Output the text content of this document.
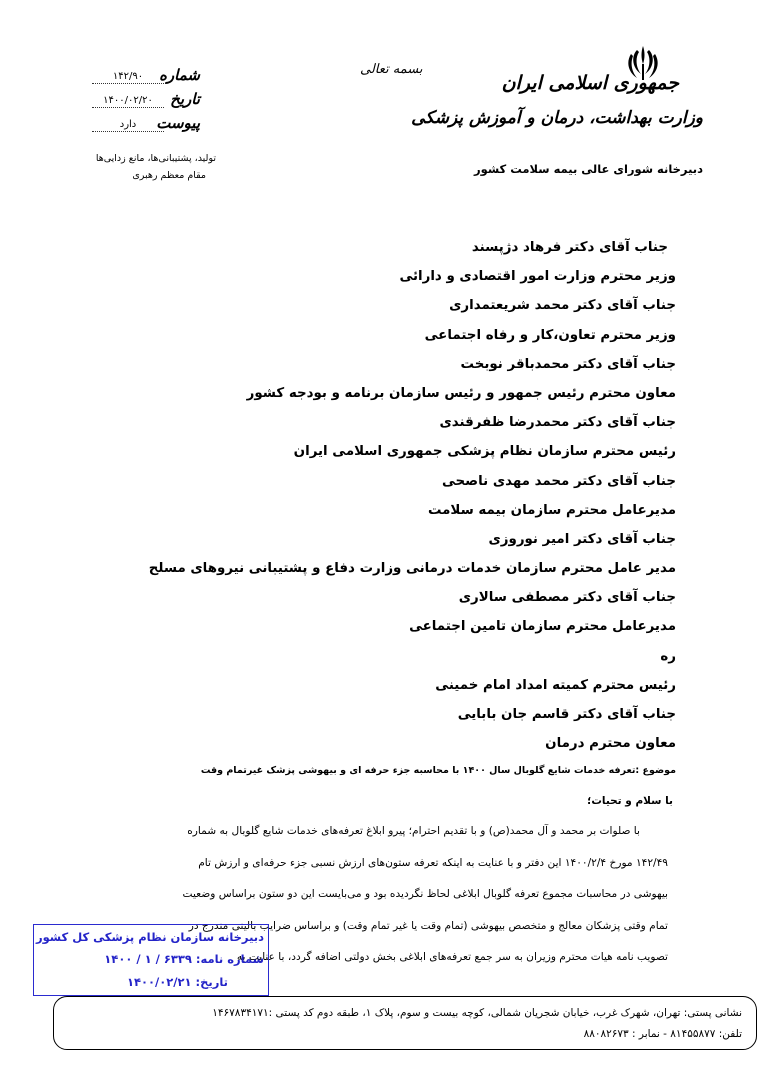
جمهوری اسلامی ایران
وزارت بهداشت، درمان و آموزش پزشکی
دبیرخانه شورای عالی بیمه سلامت کشور
بسمه تعالی
شماره
۱۴۲/۹۰
تاریخ
۱۴۰۰/۰۲/۲۰
پیوست
دارد
تولید، پشتیبانی‌ها، مانع زدایی‌ها
مقام معظم رهبری
جناب آقای دکتر فرهاد دژپسند
وزیر محترم وزارت امور اقتصادی و دارائی
جناب آقای دکتر محمد شریعتمداری
وزیر محترم تعاون،کار و رفاه اجتماعی
جناب آقای دکتر محمدباقر نوبخت
معاون محترم رئیس جمهور و رئیس سازمان برنامه و بودجه کشور
جناب آقای دکتر محمدرضا ظفرقندی
رئیس محترم سازمان نظام پزشکی جمهوری اسلامی ایران
جناب آقای دکتر محمد مهدی ناصحی
مدیرعامل محترم سازمان بیمه سلامت
جناب آقای دکتر امیر نوروزی
مدیر عامل محترم سازمان خدمات درمانی وزارت دفاع و پشتیبانی نیروهای مسلح
جناب آقای دکتر مصطفی سالاری
مدیرعامل محترم سازمان تامین اجتماعی
ره
رئیس محترم کمیته امداد امام خمینی
جناب آقای دکتر قاسم جان بابایی
معاون محترم درمان
موضوع :تعرفه خدمات شایع گلوبال سال ۱۴۰۰ با محاسبه جزء حرفه ای و بیهوشی پزشک غیرتمام وقت
با سلام و تحیات؛
با صلوات بر محمد و آل محمد(ص) و با تقدیم احترام؛ پیرو ابلاغ تعرفه‌های خدمات شایع گلوبال به شماره
۱۴۲/۴۹ مورخ ۱۴۰۰/۲/۴ این دفتر و با عنایت به اینکه تعرفه ستون‌های ارزش نسبی جزء حرفه‌ای و ارزش تام
بیهوشی در محاسبات مجموع تعرفه گلوبال ابلاغی لحاظ نگردیده بود و می‌بایست این دو ستون براساس وضعیت
تمام وقتی پزشکان معالج و متخصص بیهوشی (تمام وقت یا غیر تمام وقت) و براساس ضرایب بالینی مندرج در
تصویب نامه هیات محترم وزیران به سر جمع تعرفه‌های ابلاغی بخش دولتی اضافه گردد، با عنایت به
دبیرخانه سازمان نظام پزشکی کل کشور
شماره نامه: ۶۳۳۹ / ۱ / ۱۴۰۰
تاریخ: ۱۴۰۰/۰۲/۲۱
نشانی پستی: تهران، شهرک غرب، خیابان شجریان شمالی، کوچه بیست و سوم، پلاک ۱، طبقه دوم کد پستی :۱۴۶۷۸۳۴۱۷۱
تلفن: ۸۱۴۵۵۸۷۷ - نمابر : ۸۸۰۸۲۶۷۳
